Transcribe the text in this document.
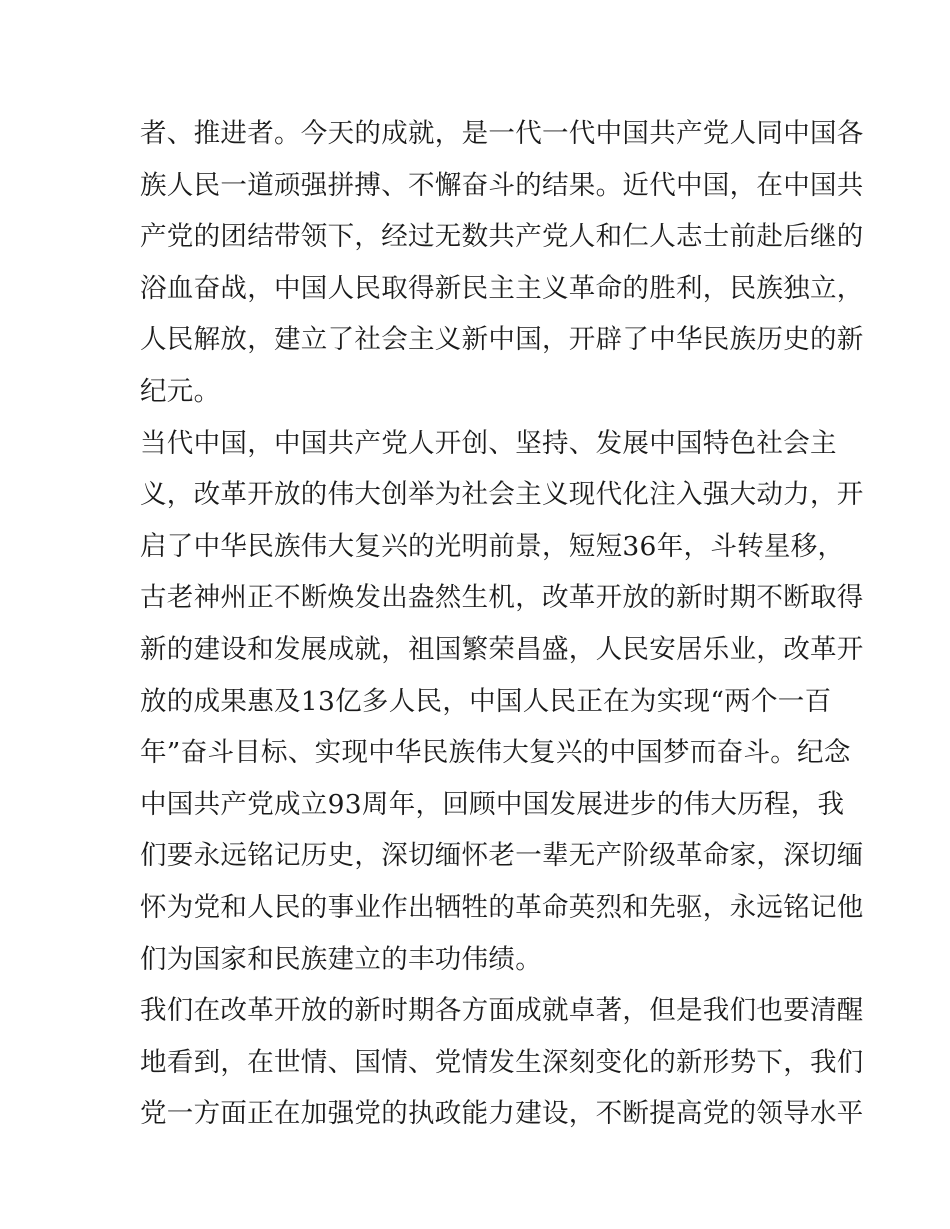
者、推进者。今天的成就，是一代一代中国共产党人同中国各
族人民一道顽强拼搏、不懈奋斗的结果。近代中国，在中国共
产党的团结带领下，经过无数共产党人和仁人志士前赴后继的
浴血奋战，中国人民取得新民主主义革命的胜利，民族独立，
人民解放，建立了社会主义新中国，开辟了中华民族历史的新
纪元。
当代中国，中国共产党人开创、坚持、发展中国特色社会主
义，改革开放的伟大创举为社会主义现代化注入强大动力，开
启了中华民族伟大复兴的光明前景，短短36年，斗转星移，
古老神州正不断焕发出盎然生机，改革开放的新时期不断取得
新的建设和发展成就，祖国繁荣昌盛，人民安居乐业，改革开
放的成果惠及13亿多人民，中国人民正在为实现“两个一百
年”奋斗目标、实现中华民族伟大复兴的中国梦而奋斗。纪念
中国共产党成立93周年，回顾中国发展进步的伟大历程，我
们要永远铭记历史，深切缅怀老一辈无产阶级革命家，深切缅
怀为党和人民的事业作出牺牲的革命英烈和先驱，永远铭记他
们为国家和民族建立的丰功伟绩。
我们在改革开放的新时期各方面成就卓著，但是我们也要清醒
地看到，在世情、国情、党情发生深刻变化的新形势下，我们
党一方面正在加强党的执政能力建设，不断提高党的领导水平
